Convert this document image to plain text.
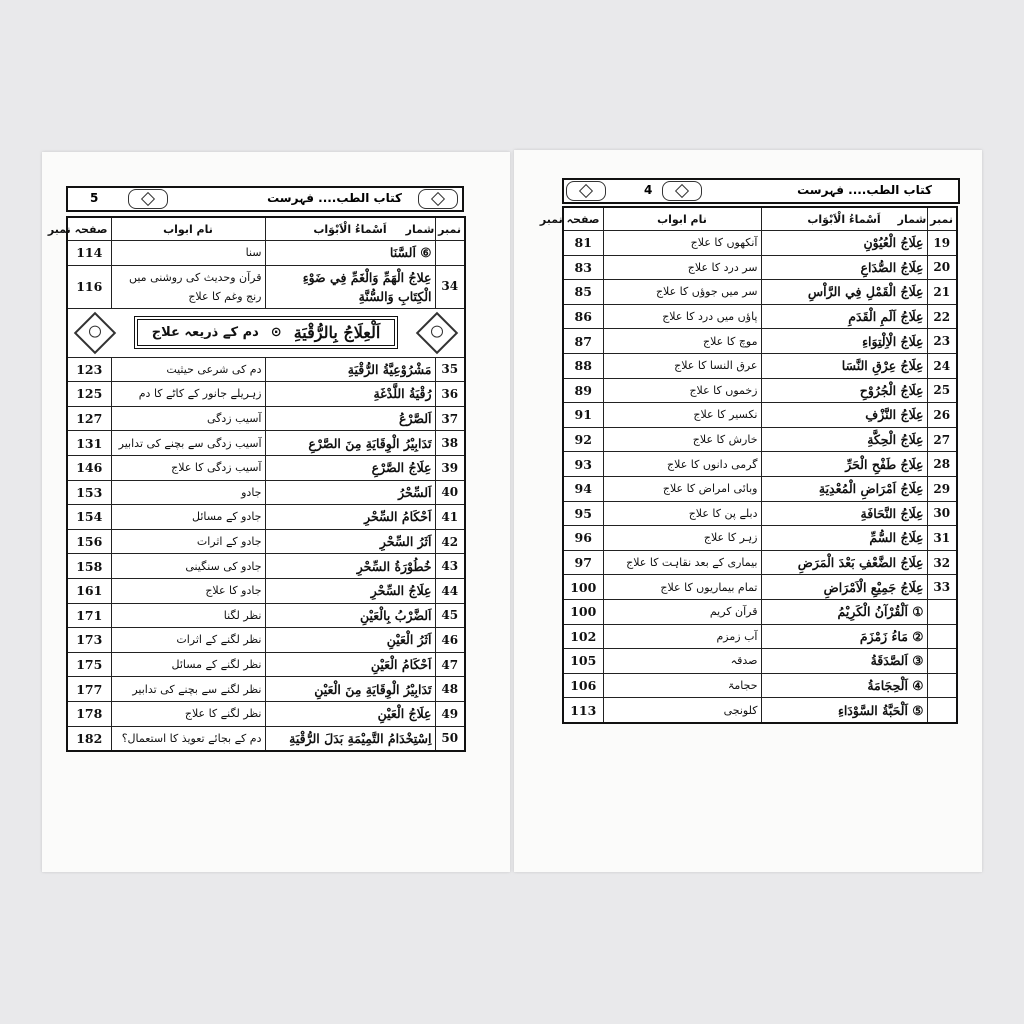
کتاب الطب.... فہرست
5
نمبر شمار	اَسْماءُ الْاَبْوَاب	نام ابواب	صفحہ نمبر
	⑥ اَلسَّنَا	سنا	114
34	عِلاجُ الْهَمِّ وَالْغَمِّ فِي ضَوْءِ الْكِتَابِ وَالسُّنَّةِ	قرآن وحدیث کی روشنی میں رنج وغم کا علاج	116

اَلْعِلَاجُ بِالرُّقْيَةِ
⊙
دم کے ذریعہ علاج			

35	مَشْرُوْعِيَّةُ الرُّقْيَةِ	دم کی شرعی حیثیت	123
36	رُقْيَةُ اللَّدْغَةِ	زہریلے جانور کے کاٹے کا دم	125
37	اَلصَّرْعُ	آسیب زدگی	127
38	تَدَابِيْرُ الْوِقَايَةِ مِنَ الصَّرْعِ	آسیب زدگی سے بچنے کی تدابیر	131
39	عِلَاجُ الصَّرْعِ	آسیب زدگی کا علاج	146
40	اَلسِّحْرُ	جادو	153
41	اَحْكَامُ السِّحْرِ	جادو کے مسائل	154
42	اَثَرُ السِّحْرِ	جادو کے اثرات	156
43	خُطُوْرَةُ السِّحْرِ	جادو کی سنگینی	158
44	عِلَاجُ السِّحْرِ	جادو کا علاج	161
45	اَلضَّرْبُ بِالْعَيْنِ	نظر لگنا	171
46	اَثَرُ الْعَيْنِ	نظر لگنے کے اثرات	173
47	اَحْكَامُ الْعَيْنِ	نظر لگنے کے مسائل	175
48	تَدَابِيْرُ الْوِقَايَةِ مِنَ الْعَيْنِ	نظر لگنے سے بچنے کی تدابیر	177
49	عِلَاجُ الْعَيْنِ	نظر لگنے کا علاج	178
50	اِسْتِخْدَامُ التَّمِيْمَةِ بَدَلَ الرُّقْيَةِ	دم کے بجائے تعویذ کا استعمال؟	182
کتاب الطب.... فہرست
4
نمبر شمار	اَسْماءُ الْاَبْوَاب	نام ابواب	صفحہ نمبر
19	عِلَاجُ الْعُيُوْنِ	آنکھوں کا علاج	81
20	عِلَاجُ الصُّدَاعِ	سر درد کا علاج	83
21	عِلَاجُ الْقَمْلِ فِي الرَّاْسِ	سر میں جوؤں کا علاج	85
22	عِلَاجُ اَلَمِ الْقَدَمِ	پاؤں میں درد کا علاج	86
23	عِلَاجُ الْاِلْتِوَاءِ	موچ کا علاج	87
24	عِلَاجُ عِرْقِ النَّسَا	عرق النسا کا علاج	88
25	عِلَاجُ الْجُرُوْحِ	زخموں کا علاج	89
26	عِلَاجُ النَّزْفِ	نکسیر کا علاج	91
27	عِلَاجُ الْحِكَّةِ	خارش کا علاج	92
28	عِلَاجُ طَفْحِ الْحَرِّ	گرمی دانوں کا علاج	93
29	عِلَاجُ اَمْرَاضِ الْمُعْدِيَةِ	وبائی امراض کا علاج	94
30	عِلَاجُ النَّحَافَةِ	دبلے پن کا علاج	95
31	عِلَاجُ السُّمِّ	زہر کا علاج	96
32	عِلَاجُ الضَّعْفِ بَعْدَ الْمَرَضِ	بیماری کے بعد نقاہت کا علاج	97
33	عِلَاجُ جَمِيْعِ الْاَمْرَاضِ	تمام بیماریوں کا علاج	100
	① اَلْقُرْآنُ الْكَرِيْمُ	قرآن کریم	100
	② مَاءُ زَمْزَمَ	آب زمزم	102
	③ اَلصَّدَقَةُ	صدقہ	105
	④ اَلْحِجَامَةُ	حجامۃ	106
	⑤ اَلْحَبَّةُ السَّوْدَاءِ	کلونجی	113
